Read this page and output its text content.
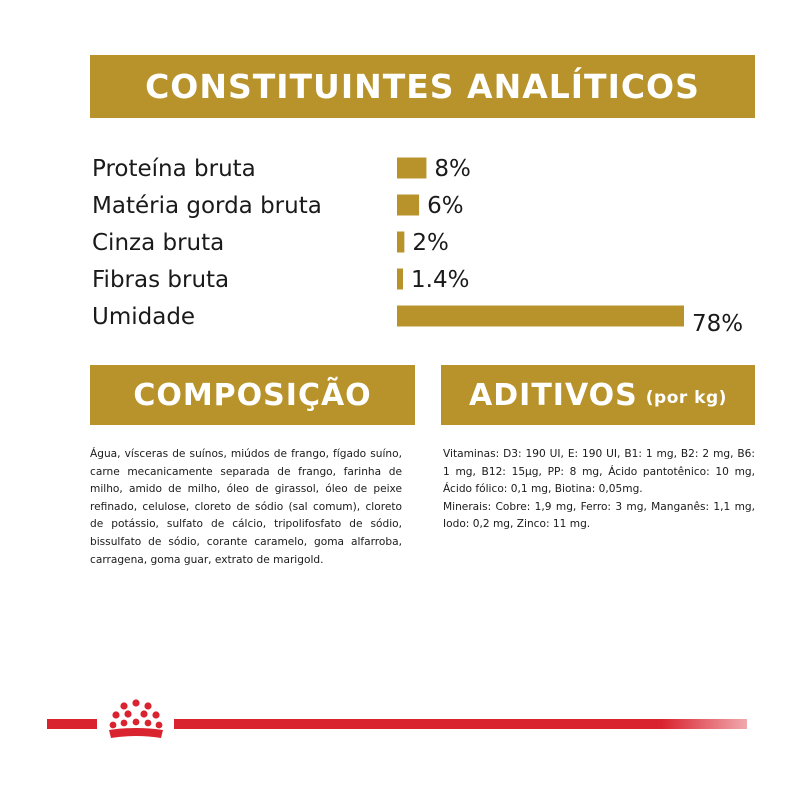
CONSTITUINTES ANALÍTICOS
Proteína bruta	8%
Matéria gorda bruta	6%
Cinza bruta	2%
Fibras bruta	1.4%
Umidade	78%
COMPOSIÇÃO	ADITIVOS (por kg)

Água, vísceras de suínos, miúdos de frango, fígado suíno, carne mecanicamente separada de frango, farinha de milho, amido de milho, óleo de girassol, óleo de peixe refinado, celulose, cloreto de sódio (sal comum), cloreto de potássio, sulfato de cálcio, tripolifosfato de sódio, bissulfato de sódio, corante caramelo, goma alfarroba, carragena, goma guar, extrato de marigold.

Vitaminas: D3: 190 UI, E: 190 UI, B1: 1 mg, B2: 2 mg, B6: 1 mg, B12: 15µg, PP: 8 mg, Ácido pantotênico: 10 mg, Ácido fólico: 0,1 mg, Biotina: 0,05mg.

Minerais: Cobre: 1,9 mg, Ferro: 3 mg, Manganês: 1,1 mg, Iodo: 0,2 mg, Zinco: 11 mg.
